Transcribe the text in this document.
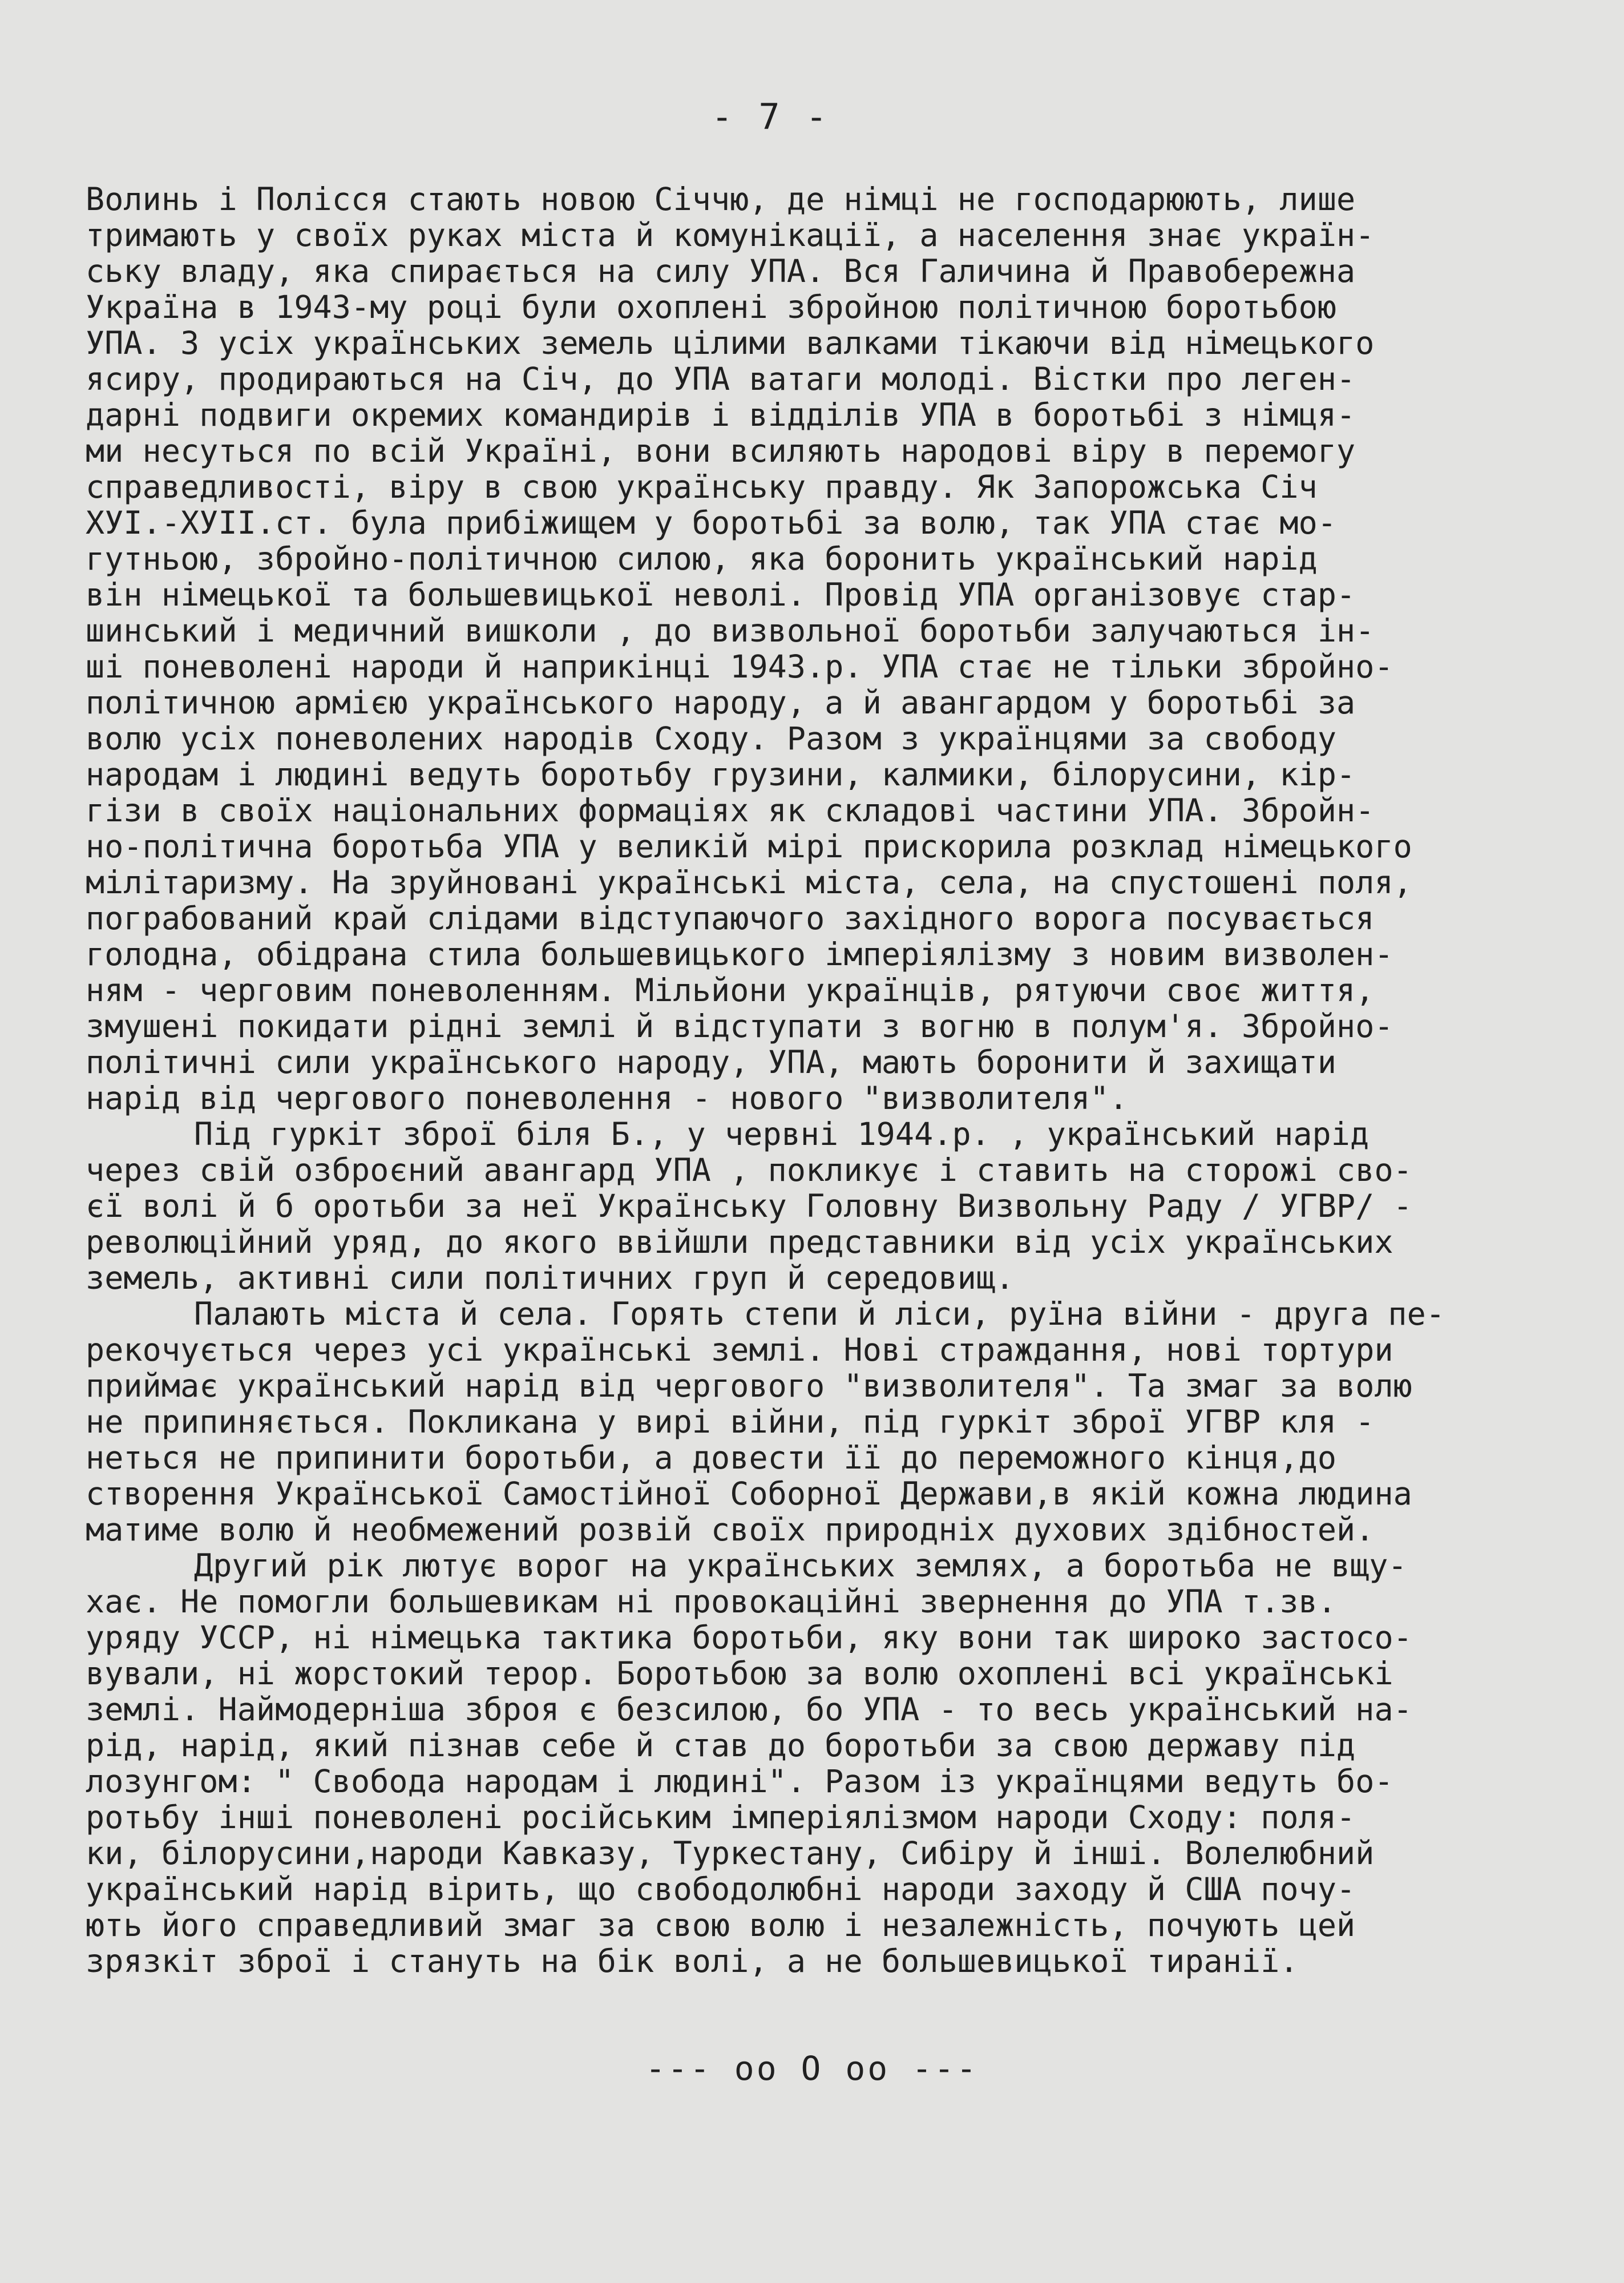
- 7 -
Волинь і Полісся стають новою Січчю, де німці не господарюють, лише
тримають у своїх руках міста й комунікації, а населення знає україн-
ську владу, яка спирається на силу УПА. Вся Галичина й Правобережна
Україна в 1943-му році були охоплені збройною політичною боротьбою
УПА. З усіх українських земель цілими валками тікаючи від німецького
ясиру, продираються на Січ, до УПА ватаги молоді. Вістки про леген-
дарні подвиги окремих командирів і відділів УПА в боротьбі з німця-
ми несуться по всій Україні, вони всиляють народові віру в перемогу
справедливості, віру в свою українську правду. Як Запорожська Січ
ХУІ.-ХУІІ.ст. була прибіжищем у боротьбі за волю, так УПА стає мо-
гутньою, збройно-політичною силою, яка боронить український нарід
він німецької та большевицької неволі. Провід УПА організовує стар-
шинський і медичний вишколи , до визвольної боротьби залучаються ін-
ші поневолені народи й наприкінці 1943.р. УПА стає не тільки збройно-
політичною армією українського народу, а й авангардом у боротьбі за
волю усіх поневолених народів Сходу. Разом з українцями за свободу
народам і людині ведуть боротьбу грузини, калмики, білорусини, кір-
гізи в своїх національних формаціях як складові частини УПА. Збройн-
но-політична боротьба УПА у великій мірі прискорила розклад німецького
мілітаризму. На зруйновані українські міста, села, на спустошені поля,
пограбований край слідами відступаючого західного ворога посувається
голодна, обідрана стила большевицького імперіялізму з новим визволен-
ням - черговим поневоленням. Мільйони українців, рятуючи своє життя,
змушені покидати рідні землі й відступати з вогню в полум'я. Збройно-
політичні сили українського народу, УПА, мають боронити й захищати
нарід від чергового поневолення - нового "визволителя".
Під гуркіт зброї біля Б., у червні 1944.р. , український нарід
через свій озброєний авангард УПА , покликує і ставить на сторожі сво-
єї волі й б оротьби за неї Українську Головну Визвольну Раду / УГВР/ -
революційний уряд, до якого ввійшли представники від усіх українських
земель, активні сили політичних груп й середовищ.
Палають міста й села. Горять степи й ліси, руїна війни - друга пе-
рекочується через усі українські землі. Нові страждання, нові тортури
приймає український нарід від чергового "визволителя". Та змаг за волю
не припиняється. Покликана у вирі війни, під гуркіт зброї УГВР кля -
неться не припинити боротьби, а довести її до переможного кінця,до
створення Української Самостійної Соборної Держави,в якій кожна людина
матиме волю й необмежений розвій своїх природніх духових здібностей.
Другий рік лютує ворог на українських землях, а боротьба не вщу-
хає. Не помогли большевикам ні провокаційні звернення до УПА т.зв.
уряду УССР, ні німецька тактика боротьби, яку вони так широко застосо-
вували, ні жорстокий терор. Боротьбою за волю охоплені всі українські
землі. Наймодерніша зброя є безсилою, бо УПА - то весь український на-
рід, нарід, який пізнав себе й став до боротьби за свою державу під
лозунгом: " Свобода народам і людині". Разом із українцями ведуть бо-
ротьбу інші поневолені російським імперіялізмом народи Сходу: поля-
ки, білорусини,народи Кавказу, Туркестану, Сибіру й інші. Волелюбний
український нарід вірить, що свободолюбні народи заходу й США почу-
ють його справедливий змаг за свою волю і незалежність, почують цей
зрязкіт зброї і стануть на бік волі, а не большевицької тиранії.
--- oo O oo ---
